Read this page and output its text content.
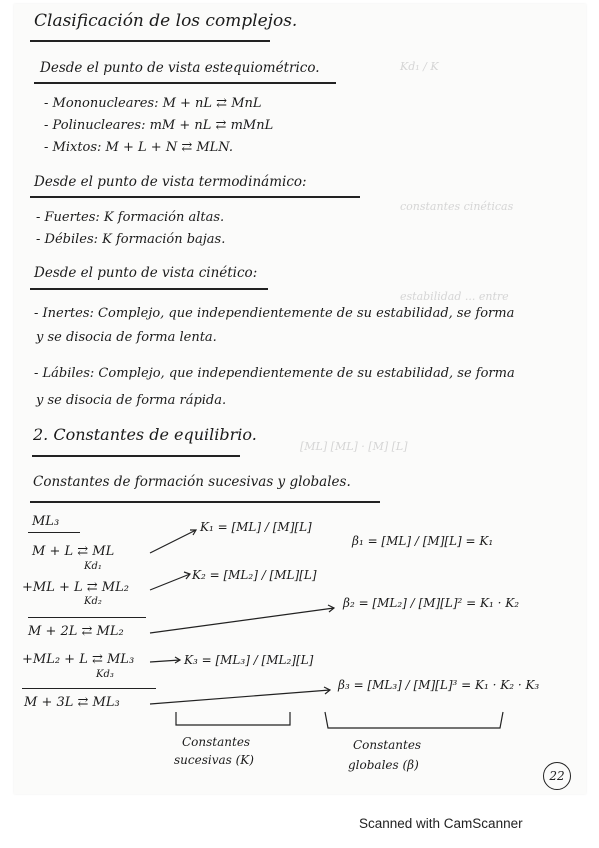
Kd₁ / K
constantes cinéticas
estabilidad ... entre
[ML] [ML] · [M] [L]
Clasificación de los complejos.
Desde el punto de vista estequiométrico.
- Mononucleares: M + nL ⇄ MnL
- Polinucleares: mM + nL ⇄ mMnL
- Mixtos: M + L + N ⇄ MLN.
Desde el punto de vista termodinámico:
- Fuertes: K formación altas.
- Débiles: K formación bajas.
Desde el punto de vista cinético:
- Inertes: Complejo, que independientemente de su estabilidad, se forma
y se disocia de forma lenta.
- Lábiles: Complejo, que independientemente de su estabilidad, se forma
y se disocia de forma rápida.
2. Constantes de equilibrio.
Constantes de formación sucesivas y globales.
ML₃
M + L ⇄ ML
Kd₁
K₁ = [ML] / [M][L]
β₁ = [ML] / [M][L] = K₁
+ML + L ⇄ ML₂
Kd₂
K₂ = [ML₂] / [ML][L]
M + 2L ⇄ ML₂
β₂ = [ML₂] / [M][L]² = K₁ · K₂
+ML₂ + L ⇄ ML₃
Kd₃
K₃ = [ML₃] / [ML₂][L]
M + 3L ⇄ ML₃
β₃ = [ML₃] / [M][L]³ = K₁ · K₂ · K₃
Constantes
sucesivas (K)
Constantes
globales (β)
22
Scanned with CamScanner
